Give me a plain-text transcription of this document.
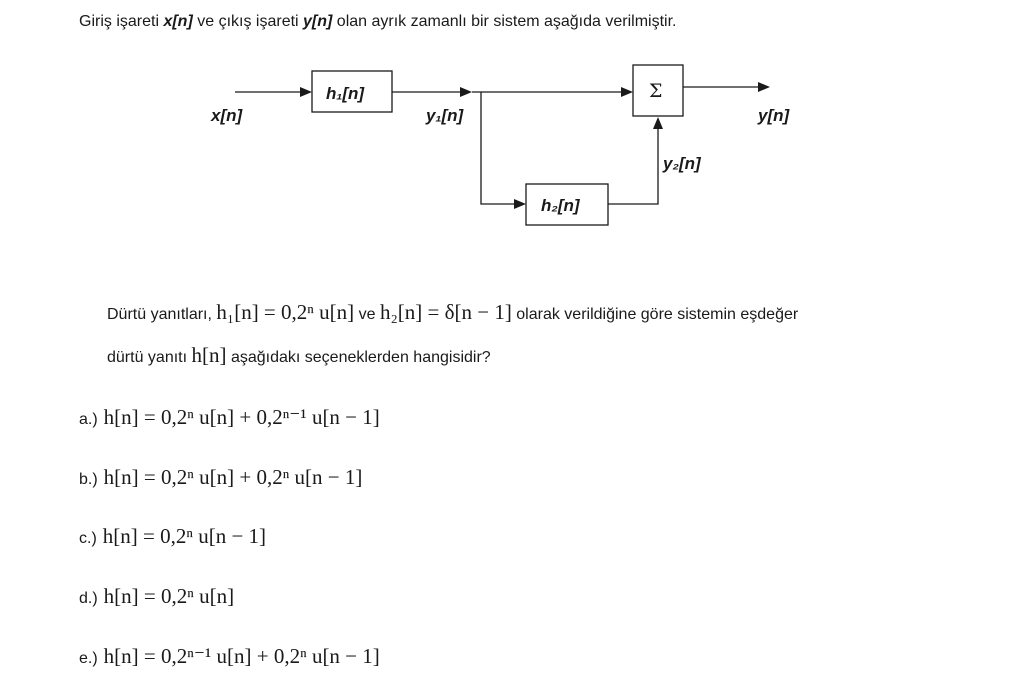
Giriş işareti x[n] ve çıkış işareti y[n] olan ayrık zamanlı bir sistem aşağıda verilmiştir.
x[n]
h₁[n]
y₁[n]
h₂[n]
y₂[n]
Σ
y[n]
Dürtü yanıtları, h₁[n] = 0,2ⁿ u[n] ve h₂[n] = δ[n − 1] olarak verildiğine göre sistemin eşdeğer
dürtü yanıtı h[n] aşağıdakı seçeneklerden hangisidir?
a.) h[n] = 0,2ⁿ u[n] + 0,2ⁿ⁻¹ u[n − 1]
b.) h[n] = 0,2ⁿ u[n] + 0,2ⁿ u[n − 1]
c.) h[n] = 0,2ⁿ u[n − 1]
d.) h[n] = 0,2ⁿ u[n]
e.) h[n] = 0,2ⁿ⁻¹ u[n] + 0,2ⁿ u[n − 1]
